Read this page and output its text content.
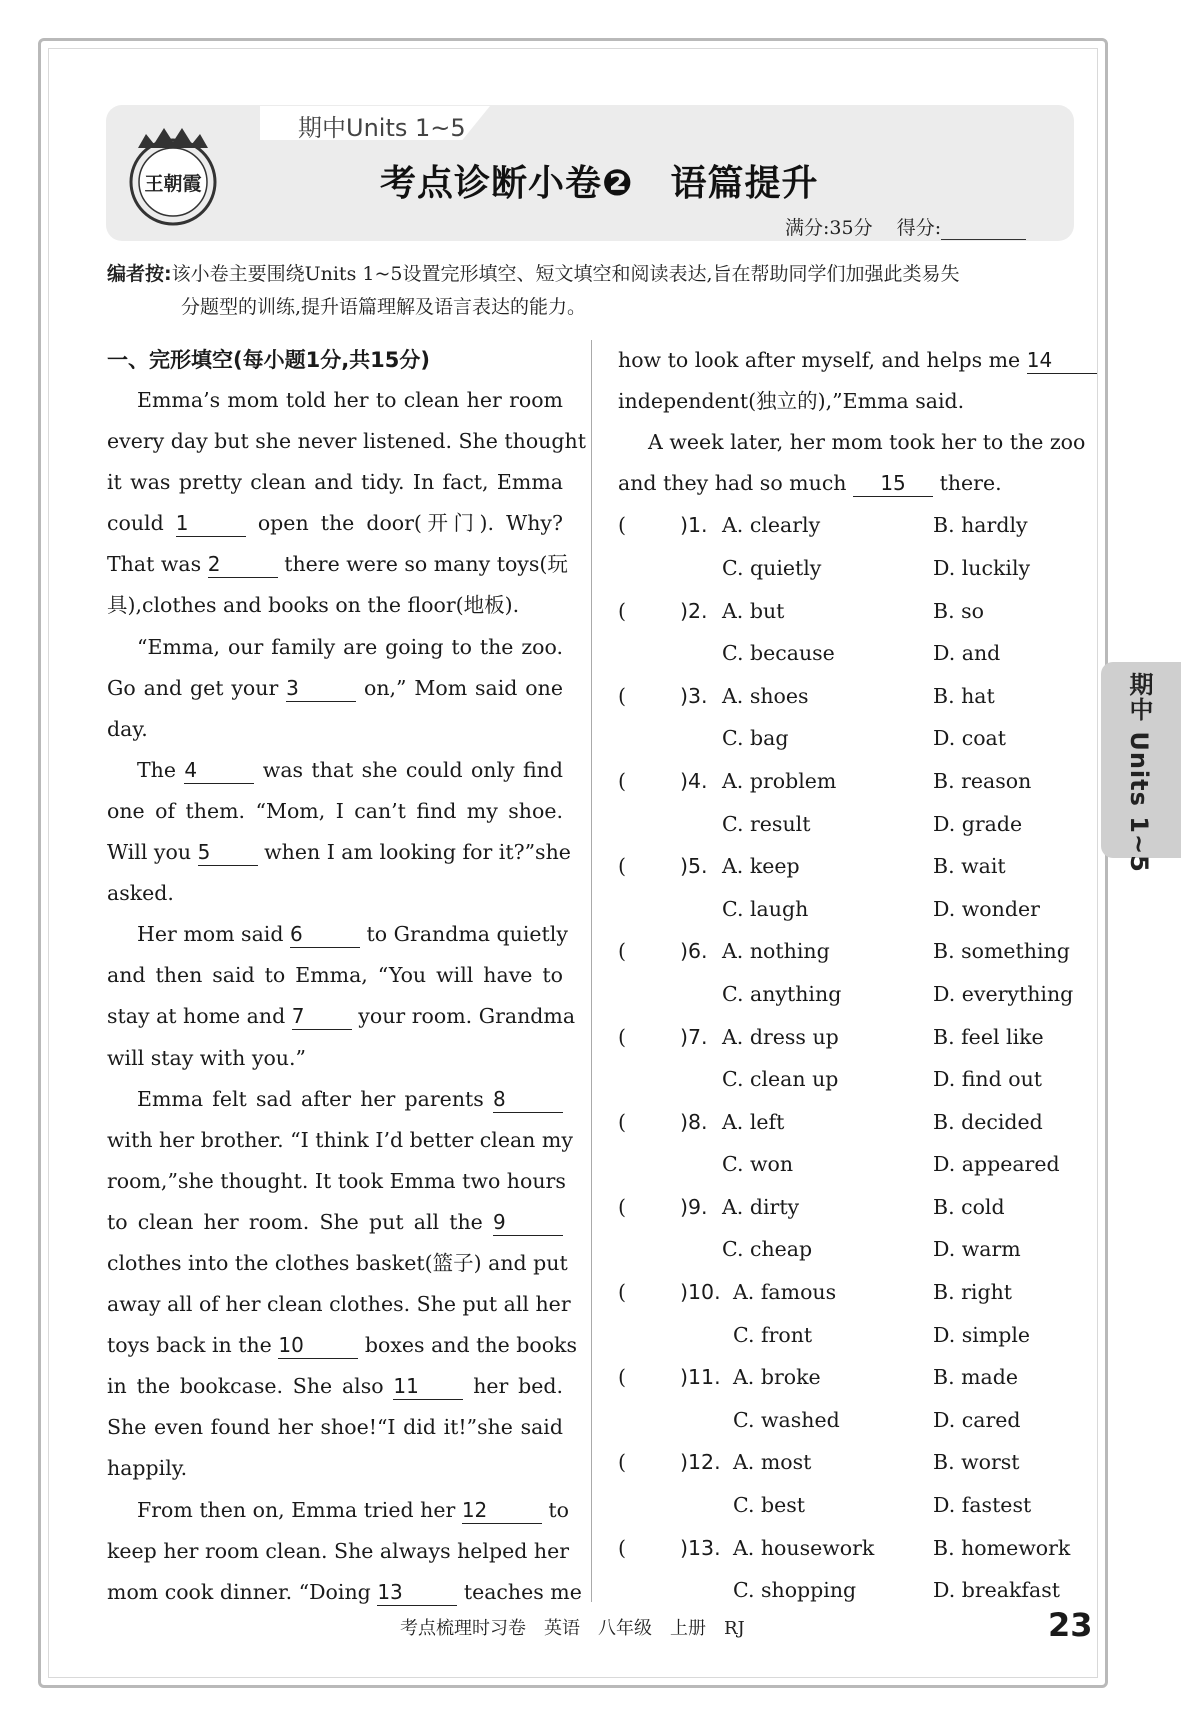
期中Units 1~5
王朝霞	考点诊断小卷❷　语篇提升
满分:35分 得分:
编者按:该小卷主要围绕Units 1~5设置完形填空、短文填空和阅读表达,旨在帮助同学们加强此类易失
分题型的训练,提升语篇理解及语言表达的能力。
一、完形填空(每小题1分,共15分)
Emma’s mom told her to clean her room
every day but she never listened. She thought
it was pretty clean and tidy. In fact, Emma
could 1	open the door(开门). Why?
That was 2	there were so many toys(玩
具),clothes and books on the floor(地板).
“Emma, our family are going to the zoo.
Go and get your 3	on,” Mom said one
day.
The 4	was that she could only find
one of them. “Mom, I can’t find my shoe.
Will you 5	when I am looking for it?”she
asked.
Her mom said 6	to Grandma quietly
and then said to Emma, “You will have to
stay at home and 7	your room. Grandma
will stay with you.”
Emma felt sad after her parents 8
with her brother. “I think I’d better clean my
room,”she thought. It took Emma two hours
to clean her room. She put all the 9
clothes into the clothes basket(篮子) and put
away all of her clean clothes. She put all her
toys back in the 10	boxes and the books
in the bookcase. She also 11	her bed.
She even found her shoe!“I did it!”she said
happily.
From then on, Emma tried her 12	to
keep her room clean. She always helped her
mom cook dinner. “Doing 13	teaches me
how to look after myself, and helps me 14
independent(独立的),”Emma said.
A week later, her mom took her to the zoo
and they had so much 15 there.
(	)1. A. clearly	B. hardly
C. quietly	D. luckily
(	)2. A. but	B. so
C. because	D. and
(	)3. A. shoes	B. hat
C. bag	D. coat
(	)4. A. problem	B. reason
C. result	D. grade
(	)5. A. keep	B. wait
C. laugh	D. wonder
(	)6. A. nothing	B. something
C. anything	D. everything
(	)7. A. dress up	B. feel like
C. clean up	D. find out
(	)8. A. left	B. decided
C. won	D. appeared
(	)9. A. dirty	B. cold
C. cheap	D. warm
(	)10. A. famous	B. right
C. front	D. simple
(	)11. A. broke	B. made
C. washed	D. cared
(	)12. A. most	B. worst
C. best	D. fastest
(	)13. A. housework	B. homework
C. shopping	D. breakfast
期中 Units 1~5
考点梳理时习卷　英语　八年级　上册　RJ	23
